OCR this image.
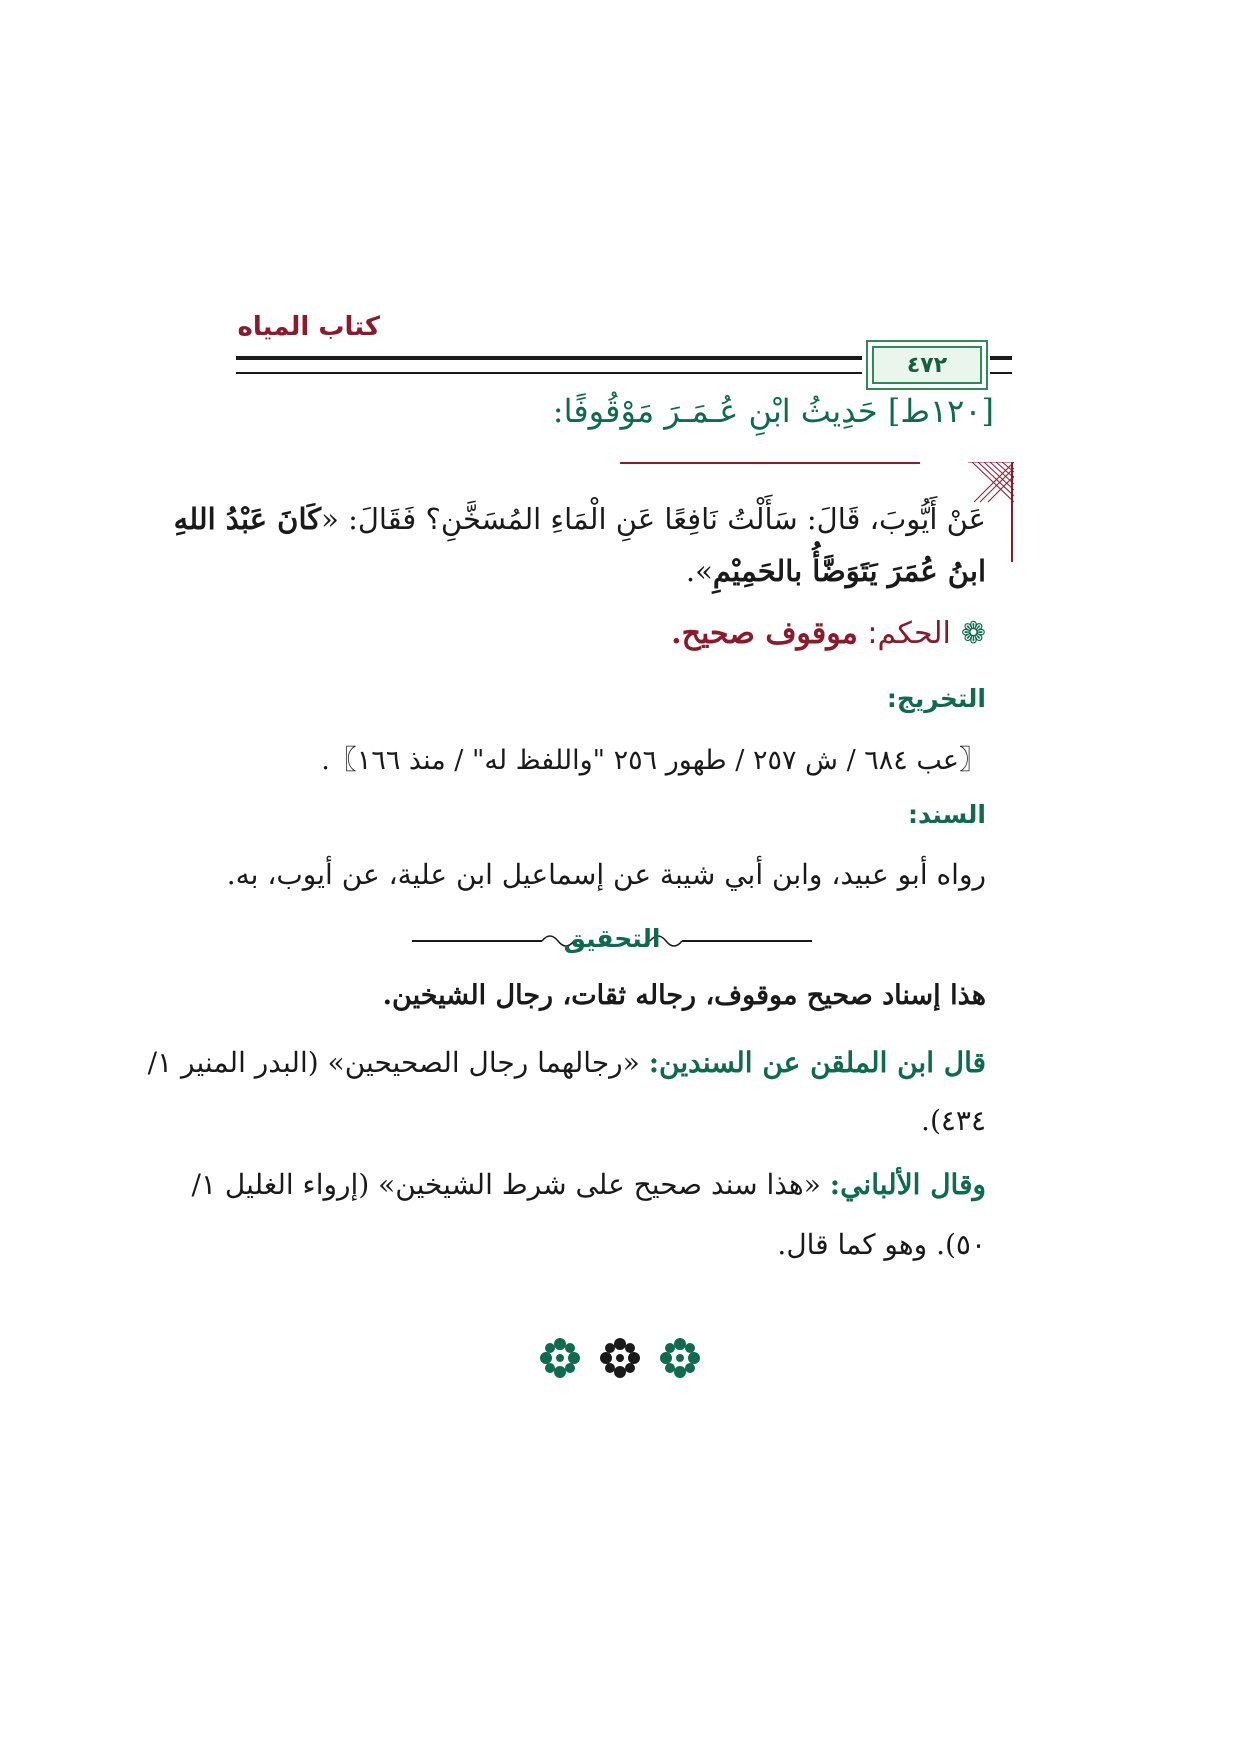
كتاب المياه
٤٧٢
[١٢٠ط] حَدِيثُ ابْنِ عُـمَـرَ مَوْقُوفًا:
عَنْ أَيُّوبَ، قَالَ: سَأَلْتُ نَافِعًا عَنِ الْمَاءِ المُسَخَّنِ؟ فَقَالَ: «كَانَ عَبْدُ اللهِ
ابنُ عُمَرَ يَتَوَضَّأُ بالحَمِيْمِ».
❁الحكم: موقوف صحيح.
التخريج:
〖عب ٦٨٤ / ش ٢٥٧ / طهور ٢٥٦ "واللفظ له" / منذ ١٦٦〗.
السند:
رواه أبو عبيد، وابن أبي شيبة عن إسماعيل ابن علية، عن أيوب، به.
التحقيق
هذا إسناد صحيح موقوف، رجاله ثقات، رجال الشيخين.
قال ابن الملقن عن السندين: «رجالهما رجال الصحيحين» (البدر المنير ١/
٤٣٤).
وقال الألباني: «هذا سند صحيح على شرط الشيخين» (إرواء الغليل ١/
٥٠). وهو كما قال.
